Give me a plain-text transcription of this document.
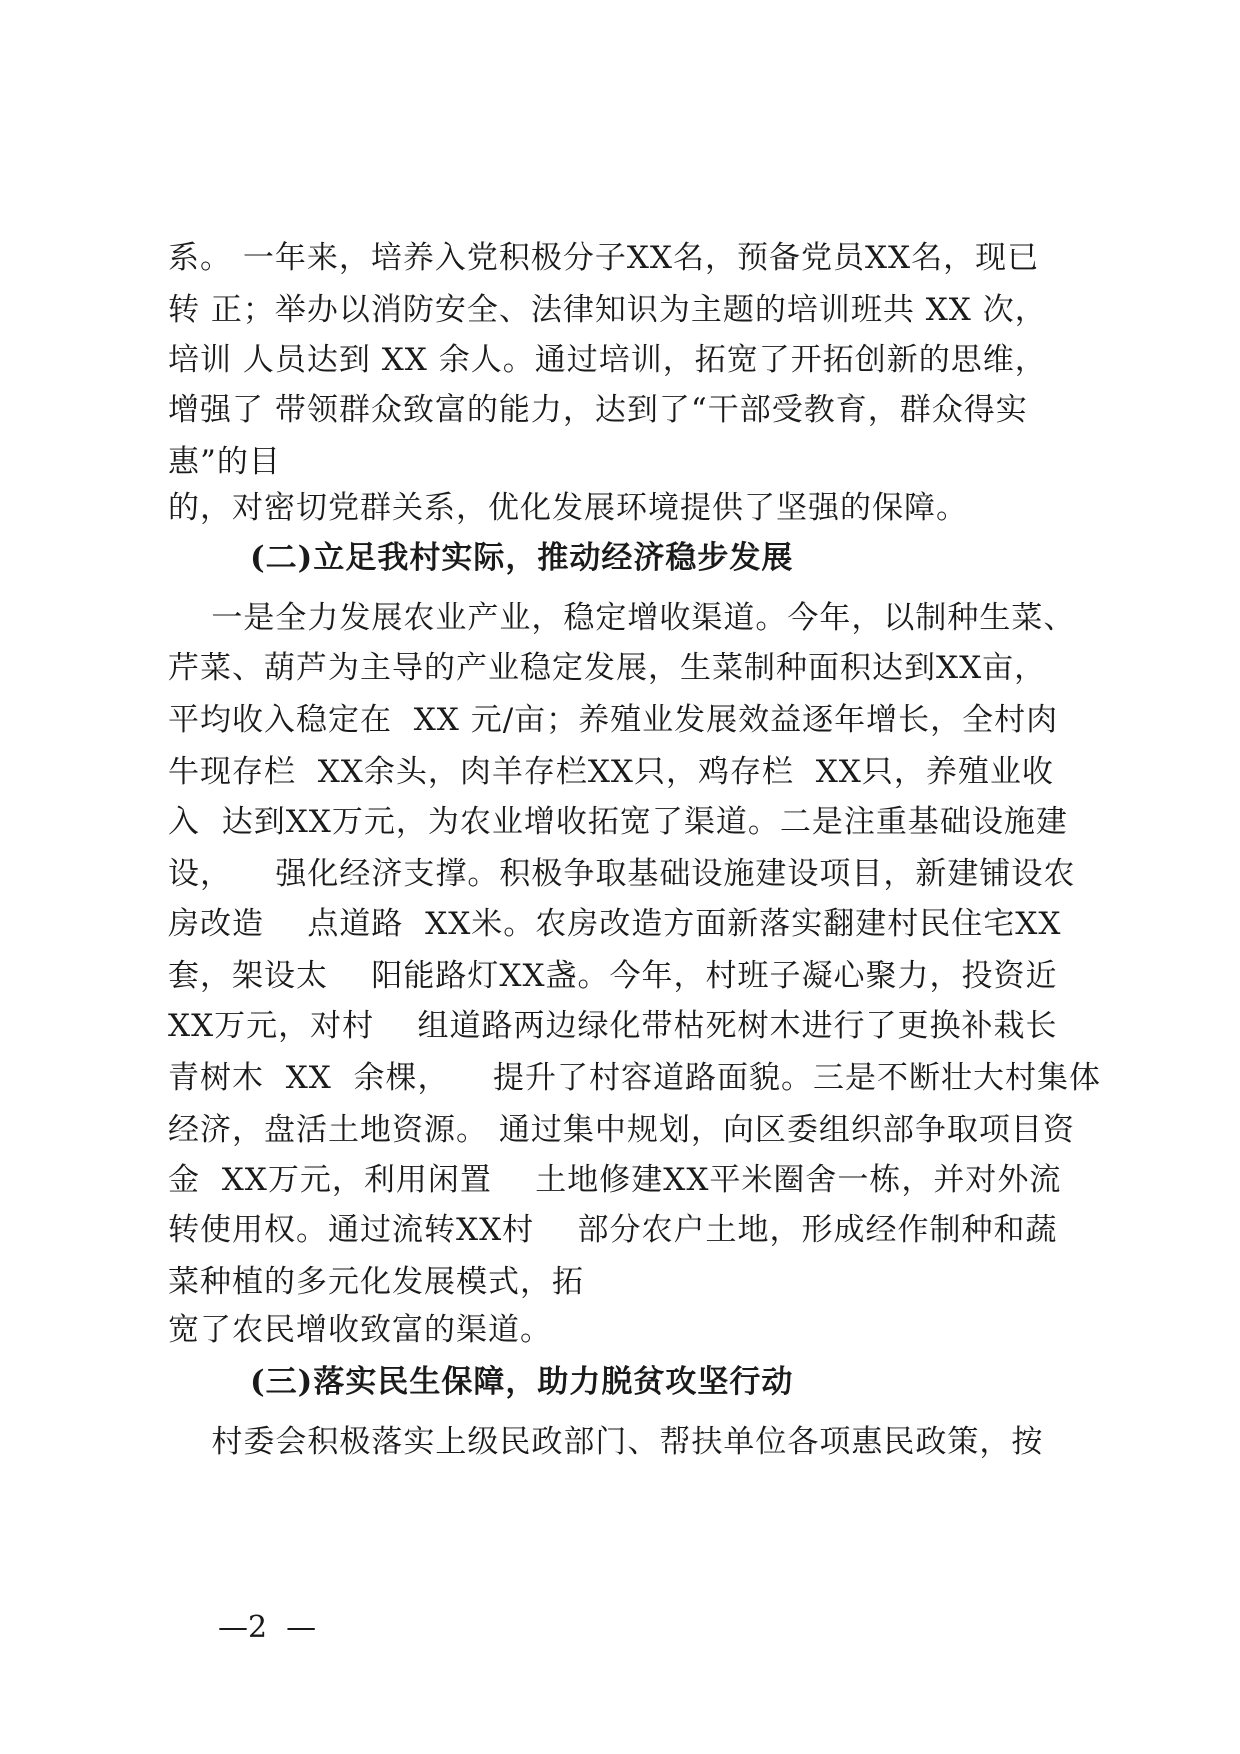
系。 一年来，培养入党积极分子XX名，预备党员XX名，现已
转 正；举办以消防安全、法律知识为主题的培训班共 XX 次，
培训 人员达到 XX 余人。通过培训，拓宽了开拓创新的思维，
增强了 带领群众致富的能力，达到了“干部受教育，群众得实
惠”的目
的，对密切党群关系，优化发展环境提供了坚强的保障。
(二)立足我村实际，推动经济稳步发展
一是全力发展农业产业，稳定增收渠道。今年，以制种生菜、
芹菜、葫芦为主导的产业稳定发展，生菜制种面积达到XX亩，
平均收入稳定在  XX 元/亩；养殖业发展效益逐年增长，全村肉
牛现存栏  XX余头，肉羊存栏XX只，鸡存栏  XX只，养殖业收
入  达到XX万元，为农业增收拓宽了渠道。二是注重基础设施建
设，    强化经济支撑。积极争取基础设施建设项目，新建铺设农
房改造    点道路  XX米。农房改造方面新落实翻建村民住宅XX
套，架设太    阳能路灯XX盏。今年，村班子凝心聚力，投资近
XX万元，对村    组道路两边绿化带枯死树木进行了更换补栽长
青树木  XX  余棵，    提升了村容道路面貌。三是不断壮大村集体
经济，盘活土地资源。 通过集中规划，向区委组织部争取项目资
金  XX万元，利用闲置    土地修建XX平米圈舍一栋，并对外流
转使用权。通过流转XX村    部分农户土地，形成经作制种和蔬
菜种植的多元化发展模式，拓
宽了农民增收致富的渠道。
(三)落实民生保障，助力脱贫攻坚行动
村委会积极落实上级民政部门、帮扶单位各项惠民政策，按
—2  —
